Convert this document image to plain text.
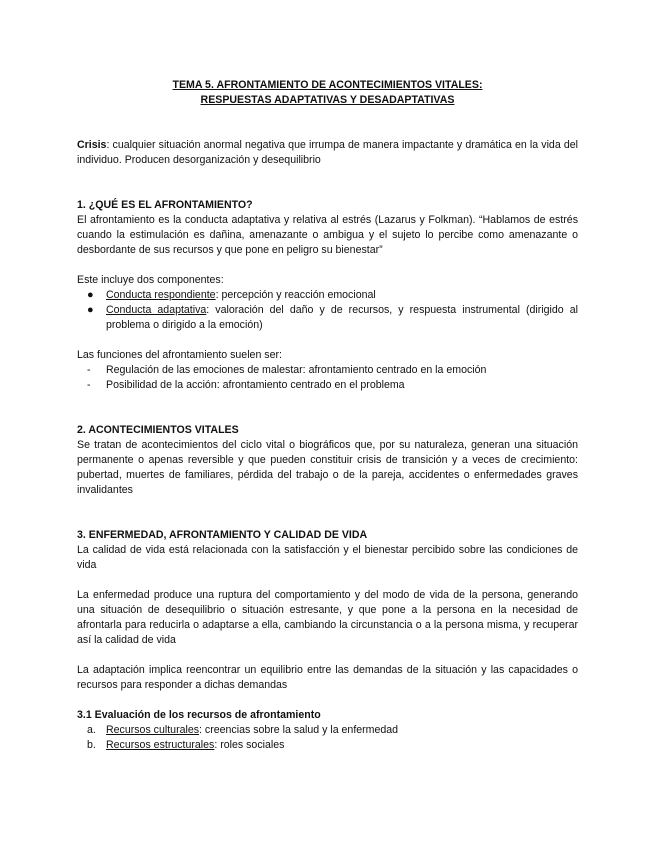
TEMA 5. AFRONTAMIENTO DE ACONTECIMIENTOS VITALES:

RESPUESTAS ADAPTATIVAS Y DESADAPTATIVAS

Crisis: cualquier situación anormal negativa que irrumpa de manera impactante y dramática en la vida del individuo. Producen desorganización y desequilibrio

1. ¿QUÉ ES EL AFRONTAMIENTO?

El afrontamiento es la conducta adaptativa y relativa al estrés (Lazarus y Folkman). “Hablamos de estrés cuando la estimulación es dañina, amenazante o ambigua y el sujeto lo percibe como amenazante o desbordante de sus recursos y que pone en peligro su bienestar”

Este incluye dos componentes:

● Conducta respondiente: percepción y reacción emocional
● Conducta adaptativa: valoración del daño y de recursos, y respuesta instrumental (dirigido al problema o dirigido a la emoción)

Las funciones del afrontamiento suelen ser:

- Regulación de las emociones de malestar: afrontamiento centrado en la emoción
- Posibilidad de la acción: afrontamiento centrado en el problema
2. ACONTECIMIENTOS VITALES

Se tratan de acontecimientos del ciclo vital o biográficos que, por su naturaleza, generan una situación permanente o apenas reversible y que pueden constituir crisis de transición y a veces de crecimiento: pubertad, muertes de familiares, pérdida del trabajo o de la pareja, accidentes o enfermedades graves invalidantes

3. ENFERMEDAD, AFRONTAMIENTO Y CALIDAD DE VIDA

La calidad de vida está relacionada con la satisfacción y el bienestar percibido sobre las condiciones de vida

La enfermedad produce una ruptura del comportamiento y del modo de vida de la persona, generando una situación de desequilibrio o situación estresante, y que pone a la persona en la necesidad de afrontarla para reducirla o adaptarse a ella, cambiando la circunstancia o a la persona misma, y recuperar así la calidad de vida

La adaptación implica reencontrar un equilibrio entre las demandas de la situación y las capacidades o recursos para responder a dichas demandas

3.1 Evaluación de los recursos de afrontamiento
a. Recursos culturales: creencias sobre la salud y la enfermedad
b. Recursos estructurales: roles sociales
